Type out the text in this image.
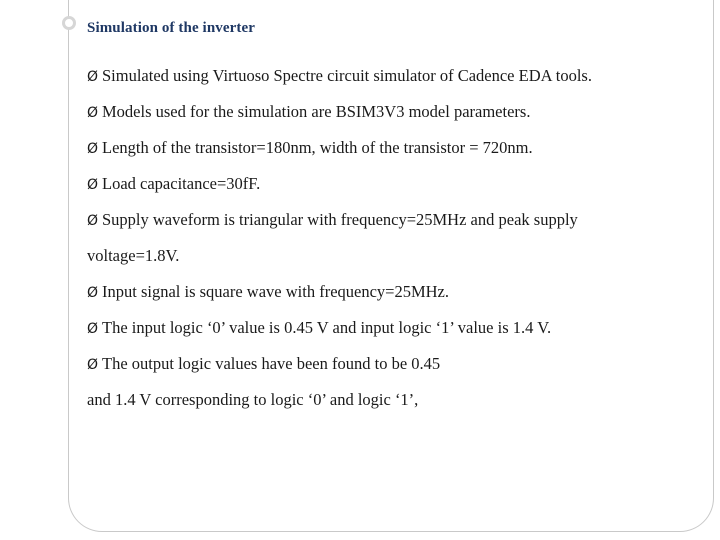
Simulation of the inverter
Ø Simulated using Virtuoso Spectre circuit simulator of Cadence EDA tools.
Ø Models used for the simulation are BSIM3V3 model parameters.
Ø Length of the transistor=180nm, width of the transistor = 720nm.
Ø Load capacitance=30fF.
Ø Supply waveform is triangular with frequency=25MHz and peak supply
voltage=1.8V.
Ø Input signal is square wave with frequency=25MHz.
Ø The input logic ‘0’ value is 0.45 V and input logic ‘1’ value is 1.4 V.
Ø The output logic values have been found to be 0.45
and 1.4 V corresponding to logic ‘0’ and logic ‘1’,
